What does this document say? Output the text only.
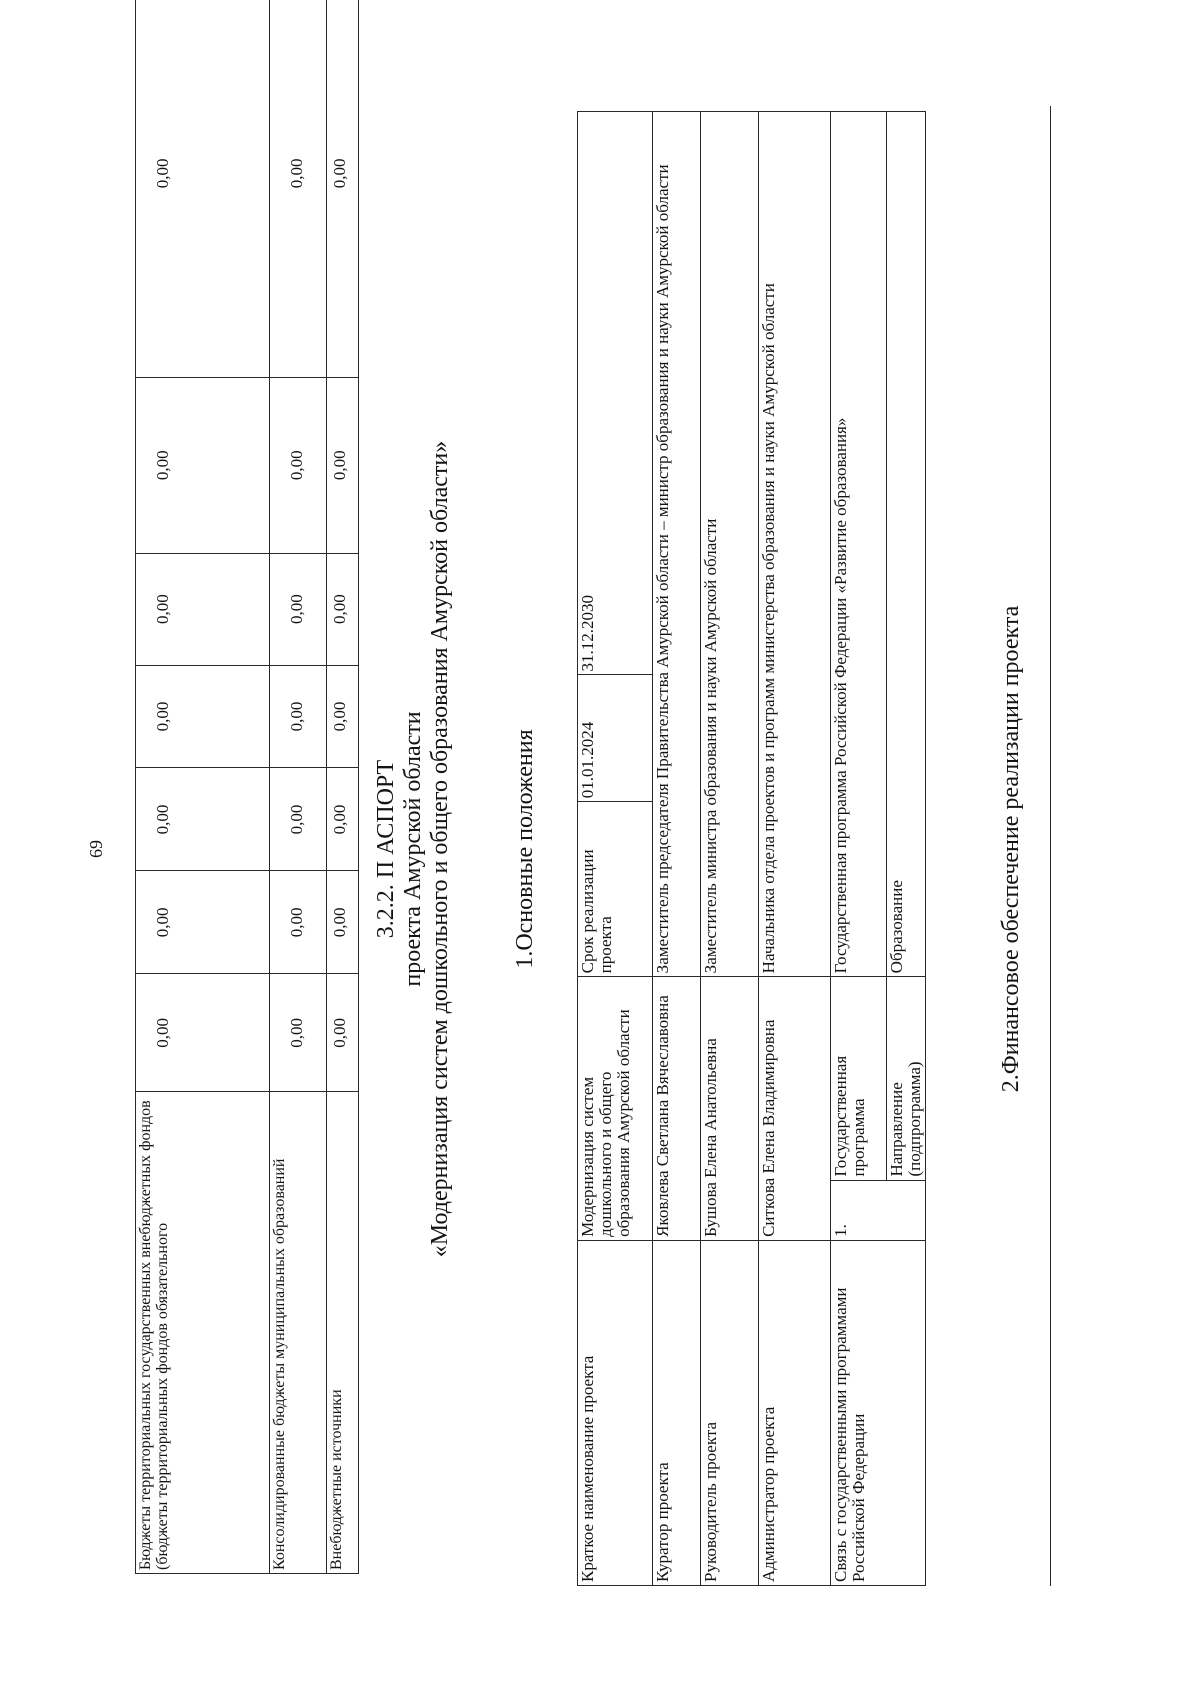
69
Бюджеты территориальных государственных внебюджетных фондов (бюджеты территориальных фондов обязательного	0,00	0,00	0,00	0,00	0,00	0,00	0,00
Консолидированные бюджеты муниципальных образований	0,00	0,00	0,00	0,00	0,00	0,00	0,00
Внебюджетные источники	0,00	0,00	0,00	0,00	0,00	0,00	0,00
3.2.2. П АСПОРТ проекта Амурской области «Модернизация систем дошкольного и общего образования Амурской области» 1.Основные положения
Краткое наименование проекта	Модернизация систем дошкольного и общего образования Амурской области		Срок реализации проекта	01.01.2024	31.12.2030
Куратор проекта	Яковлева Светлана Вячеславовна		Заместитель председателя Правительства Амурской области – министр образования и науки Амурской области		
Руководитель проекта	Бушова Елена Анатольевна		Заместитель министра образования и науки Амурской области		
Администратор проекта	Ситкова Елена Владимировна		Начальника отдела проектов и программ министерства образования и науки Амурской области		
Связь с государственными программами Российской Федерации	1.	Государственная программа	Государственная программа Российской Федерации «Развитие образования»		
		Направление (подпрограмма)	Образование			2.Финансовое обеспечение реализации проекта
